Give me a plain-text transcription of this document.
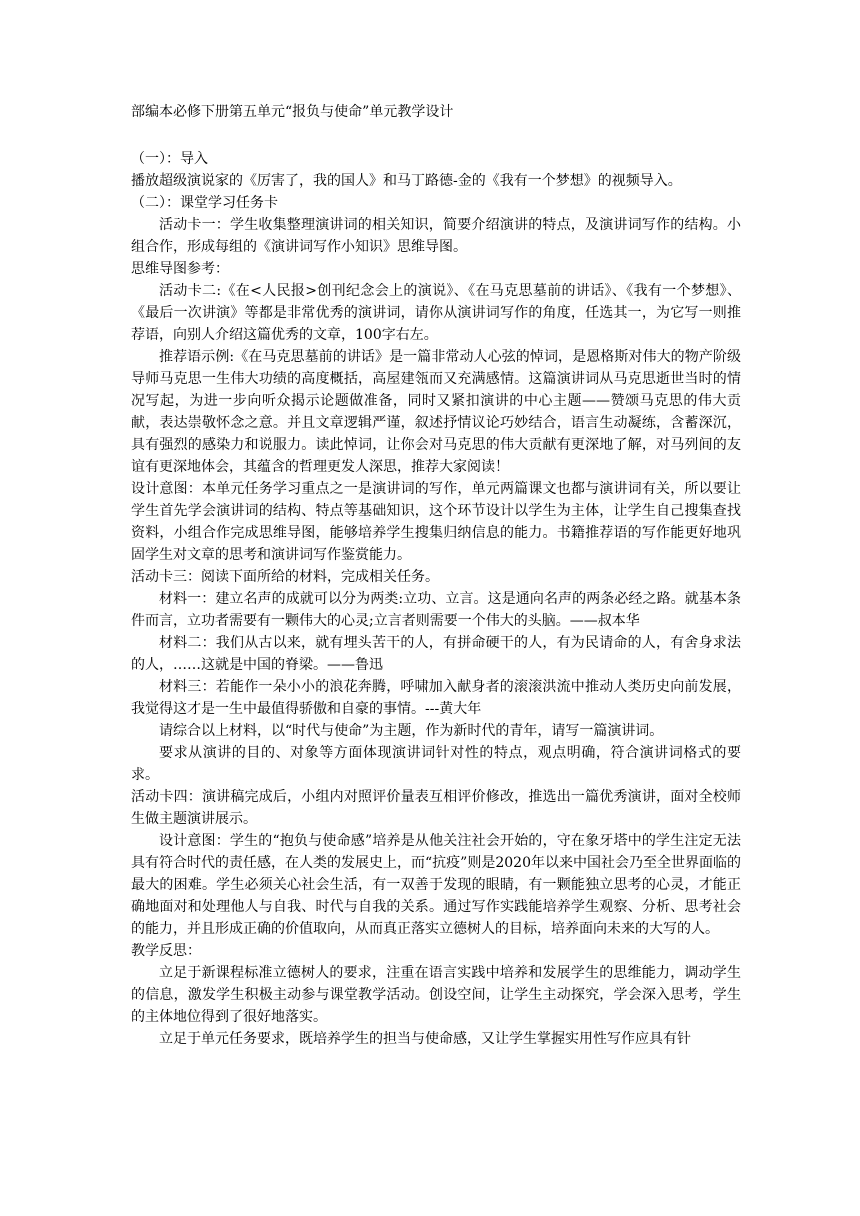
部编本必修下册第五单元“报负与使命”单元教学设计

（一）：导入

播放超级演说家的《厉害了，我的国人》和马丁路德-金的《我有一个梦想》的视频导入。

（二）：课堂学习任务卡

活动卡一：学生收集整理演讲词的相关知识，简要介绍演讲的特点，及演讲词写作的结构。小组合作，形成每组的《演讲词写作小知识》思维导图。

思维导图参考：

活动卡二:《在<人民报>创刊纪念会上的演说》、《在马克思墓前的讲话》、《我有一个梦想》、《最后一次讲演》等都是非常优秀的演讲词，请你从演讲词写作的角度，任选其一，为它写一则推荐语，向别人介绍这篇优秀的文章，100字右左。

推荐语示例:《在马克思墓前的讲话》是一篇非常动人心弦的悼词，是恩格斯对伟大的物产阶级导师马克思一生伟大功绩的高度概括，高屋建瓴而又充满感情。这篇演讲词从马克思逝世当时的情况写起，为进一步向听众揭示论题做准备，同时又紧扣演讲的中心主题——赞颂马克思的伟大贡献，表达崇敬怀念之意。并且文章逻辑严谨，叙述抒情议论巧妙结合，语言生动凝练，含蓄深沉，具有强烈的感染力和说服力。读此悼词，让你会对马克思的伟大贡献有更深地了解，对马列间的友谊有更深地体会，其蕴含的哲理更发人深思，推荐大家阅读！

设计意图：本单元任务学习重点之一是演讲词的写作，单元两篇课文也都与演讲词有关，所以要让学生首先学会演讲词的结构、特点等基础知识，这个环节设计以学生为主体，让学生自己搜集查找资料，小组合作完成思维导图，能够培养学生搜集归纳信息的能力。书籍推荐语的写作能更好地巩固学生对文章的思考和演讲词写作鉴赏能力。

活动卡三：阅读下面所给的材料，完成相关任务。

材料一：建立名声的成就可以分为两类:立功、立言。这是通向名声的两条必经之路。就基本条件而言，立功者需要有一颗伟大的心灵;立言者则需要一个伟大的头脑。——叔本华

材料二：我们从古以来，就有埋头苦干的人，有拼命硬干的人，有为民请命的人，有舍身求法的人，……这就是中国的脊梁。——鲁迅

材料三：若能作一朵小小的浪花奔腾，呼啸加入献身者的滚滚洪流中推动人类历史向前发展，我觉得这才是一生中最值得骄傲和自豪的事情。---黄大年

请综合以上材料，以“时代与使命”为主题，作为新时代的青年，请写一篇演讲词。

要求从演讲的目的、对象等方面体现演讲词针对性的特点，观点明确，符合演讲词格式的要求。

活动卡四：演讲稿完成后，小组内对照评价量表互相评价修改，推选出一篇优秀演讲，面对全校师生做主题演讲展示。

设计意图：学生的“抱负与使命感”培养是从他关注社会开始的，守在象牙塔中的学生注定无法具有符合时代的责任感，在人类的发展史上，而“抗疫”则是2020年以来中国社会乃至全世界面临的最大的困难。学生必须关心社会生活，有一双善于发现的眼睛，有一颗能独立思考的心灵，才能正确地面对和处理他人与自我、时代与自我的关系。通过写作实践能培养学生观察、分析、思考社会的能力，并且形成正确的价值取向，从而真正落实立德树人的目标，培养面向未来的大写的人。

教学反思：

立足于新课程标准立德树人的要求，注重在语言实践中培养和发展学生的思维能力，调动学生的信息，激发学生积极主动参与课堂教学活动。创设空间，让学生主动探究，学会深入思考，学生的主体地位得到了很好地落实。

立足于单元任务要求，既培养学生的担当与使命感，又让学生掌握实用性写作应具有针
